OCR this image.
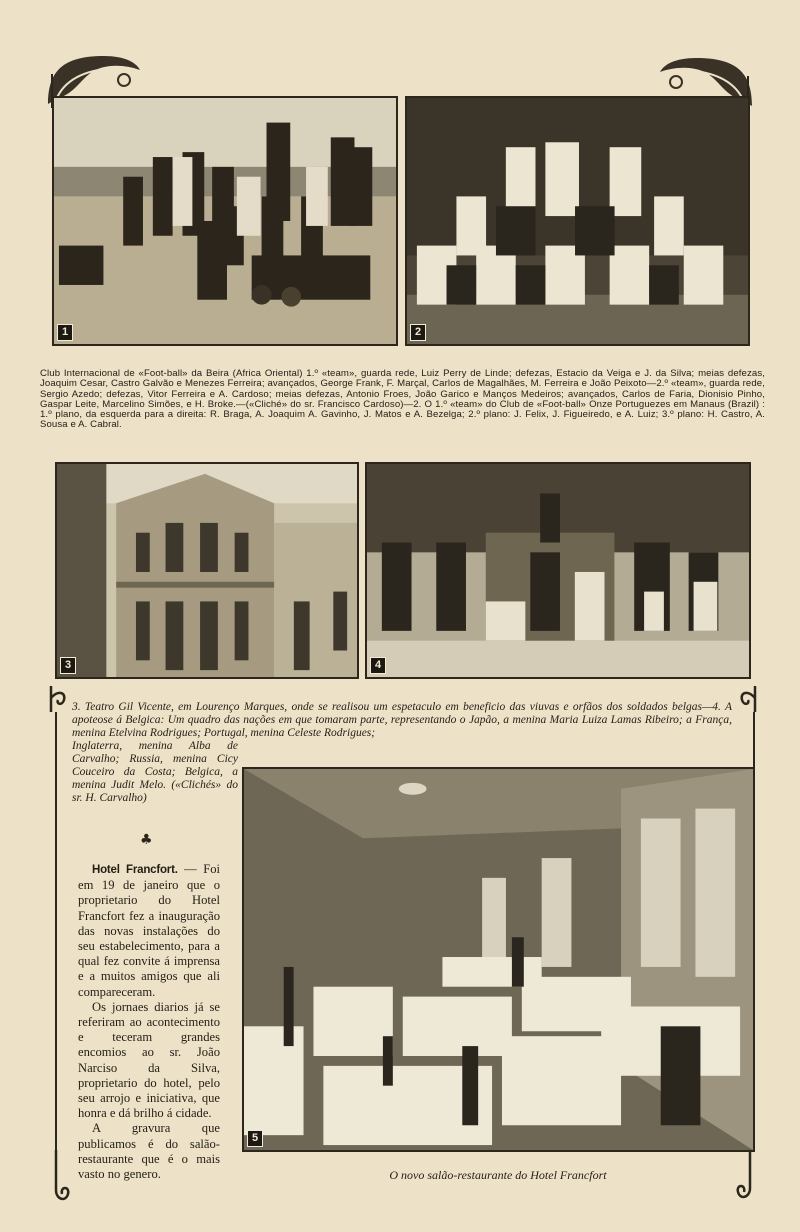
1	2
Club Internacional de «Foot-ball» da Beira (Africa Oriental) 1.º «team», guarda rede, Luiz Perry de Linde; defezas, Estacio da Veiga e J. da Silva; meias defezas, Joaquim Cesar, Castro Galvão e Menezes Ferreira; avançados, George Frank, F. Marçal, Carlos de Magalhães, M. Ferreira e João Peixoto—2.º «team», guarda rede, Sergio Azedo; defezas, Vitor Ferreira e A. Cardoso; meias defezas, Antonio Froes, João Garico e Manços Medeiros; avançados, Carlos de Faria, Dionisio Pinho, Gaspar Leite, Marcelino Simões, e H. Broke.—(«Cliché» do sr. Francisco Cardoso)—2. O 1.º «team» do Club de «Foot-ball» Onze Portuguezes em Manaus (Brazil) : 1.º plano, da esquerda para a direita: R. Braga, A. Joaquim A. Gavinho, J. Matos e A. Bezelga; 2.º plano: J. Felix, J. Figueiredo, e A. Luiz; 3.º plano: H. Castro, A. Sousa e A. Cabral.
3	4
3. Teatro Gil Vicente, em Lourenço Marques, onde se realisou um espetaculo em beneficio das viuvas e orfãos dos soldados belgas—4. A apoteose á Belgica: Um quadro das nações em que tomaram parte, representando o Japão, a menina Maria Luiza Lamas Ribeiro; a França, menina Etelvina Rodrigues; Portugal, menina Celeste Rodrigues;
Inglaterra, menina Alba de Carvalho; Russia, menina Cicy Couceiro da Costa; Belgica, a menina Judit Melo. («Clichés» do sr. H. Carvalho)
♣

Hotel Francfort. — Foi em 19 de janeiro que o proprietario do Hotel Francfort fez a inauguração das novas instalações do seu estabelecimento, para a qual fez convite á imprensa e a muitos amigos que ali compareceram.

Os jornaes diarios já se referiram ao acontecimento e teceram grandes encomios ao sr. João Narciso da Silva, proprietario do hotel, pelo seu arrojo e iniciativa, que honra e dá brilho á cidade.

A gravura que publicamos é do salão-restaurante que é o mais vasto no genero.

5
O novo salão-restaurante do Hotel Francfort
